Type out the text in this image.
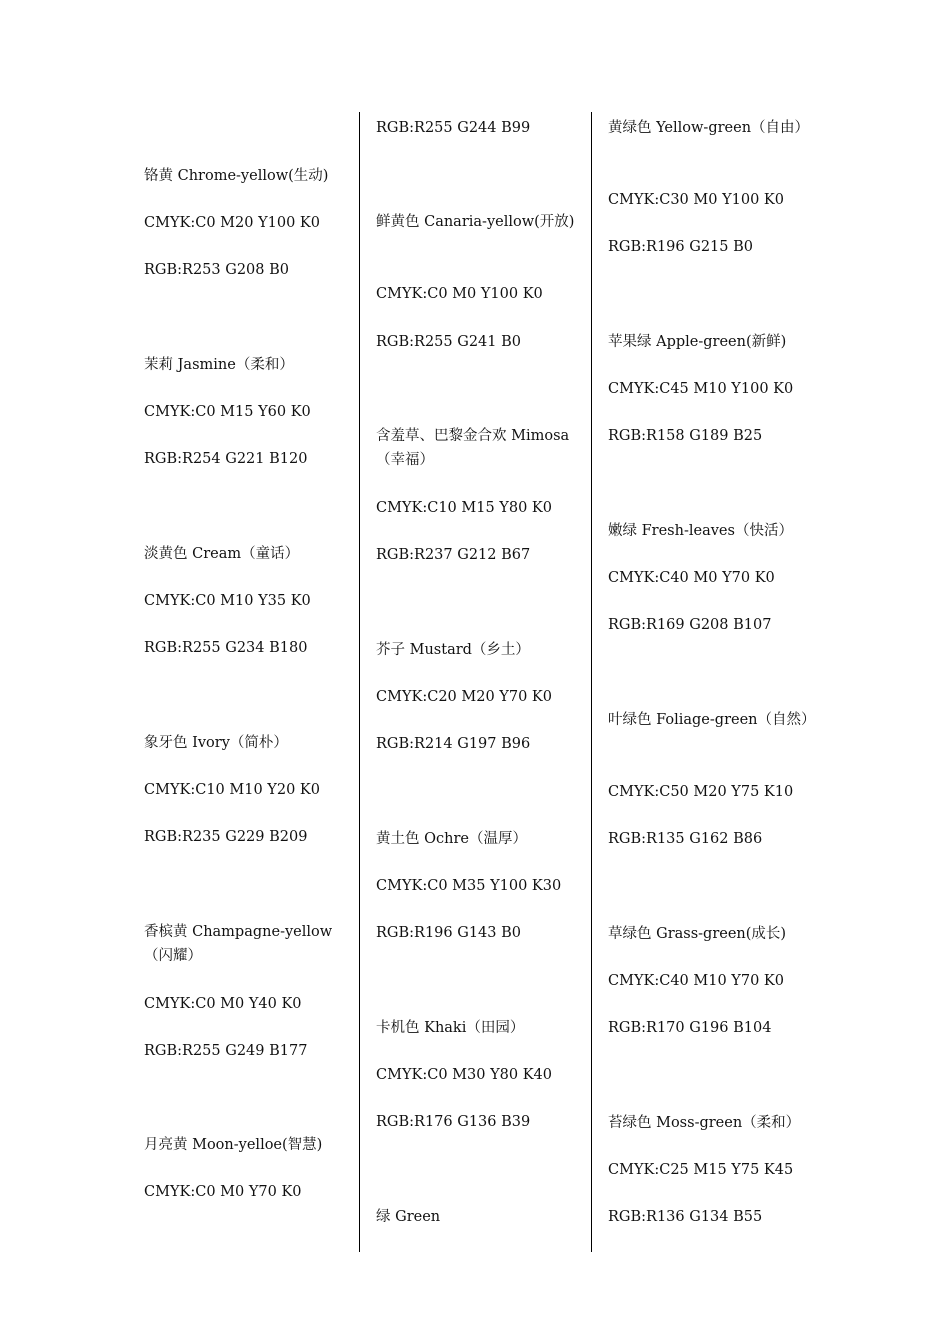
铬黄 Chrome-yellow(生动)
CMYK:C0 M20 Y100 K0
RGB:R253 G208 B0
茉莉 Jasmine（柔和）
CMYK:C0 M15 Y60 K0
RGB:R254 G221 B120
淡黄色 Cream（童话）
CMYK:C0 M10 Y35 K0
RGB:R255 G234 B180
象牙色 Ivory（简朴）
CMYK:C10 M10 Y20 K0
RGB:R235 G229 B209
香槟黄 Champagne-yellow（闪耀）
CMYK:C0 M0 Y40 K0
RGB:R255 G249 B177
月亮黄 Moon-yelloe(智慧)
CMYK:C0 M0 Y70 K0
RGB:R255 G244 B99
鲜黄色 Canaria-yellow(开放)
CMYK:C0 M0 Y100 K0
RGB:R255 G241 B0
含羞草、巴黎金合欢 Mimosa（幸福）
CMYK:C10 M15 Y80 K0
RGB:R237 G212 B67
芥子 Mustard（乡土）
CMYK:C20 M20 Y70 K0
RGB:R214 G197 B96
黄土色 Ochre（温厚）
CMYK:C0 M35 Y100 K30
RGB:R196 G143 B0
卡机色 Khaki（田园）
CMYK:C0 M30 Y80 K40
RGB:R176 G136 B39
绿 Green
黄绿色 Yellow-green（自由）
CMYK:C30 M0 Y100 K0
RGB:R196 G215 B0
苹果绿 Apple-green(新鲜)
CMYK:C45 M10 Y100 K0
RGB:R158 G189 B25
嫩绿 Fresh-leaves（快活）
CMYK:C40 M0 Y70 K0
RGB:R169 G208 B107
叶绿色 Foliage-green（自然）
CMYK:C50 M20 Y75 K10
RGB:R135 G162 B86
草绿色 Grass-green(成长)
CMYK:C40 M10 Y70 K0
RGB:R170 G196 B104
苔绿色 Moss-green（柔和）
CMYK:C25 M15 Y75 K45
RGB:R136 G134 B55
